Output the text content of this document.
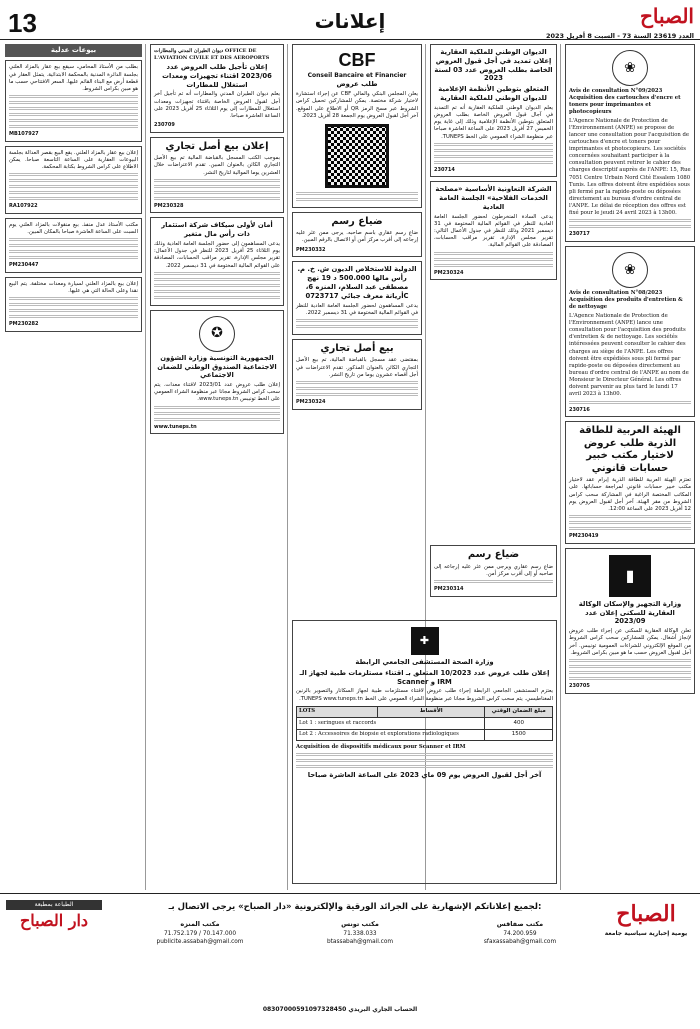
13	إعلانات	الصباح
العدد 23619 السنة 73 - السبت 8 أفريل 2023
❀
Avis de consultation N°09/2023 Acquisition des cartouches d'encre et toners pour imprimantes et photocopieurs
L'Agence Nationale de Protection de l'Environnement (ANPE) se propose de lancer une consultation pour l'acquisition de cartouches d'encre et toners pour imprimantes et photocopieurs. Les sociétés concernées souhaitant participer à la consultation peuvent retirer le cahier des charges descriptif auprès de l'ANPE: 15, Rue 7051 Centre Urbain Nord Cité Essalem 1080 Tunis. Les offres doivent être expédiées sous pli fermé par la rapide-poste ou déposées directement au bureau d'ordre central de l'ANPE. Le délai de réception des offres est fixé pour le jeudi 24 avril 2023 à 13h00.
230717
❀
Avis de consultation N°08/2023 Acquisition des produits d'entretien & de nettoyage
L'Agence Nationale de Protection de l'Environnement (ANPE) lance une consultation pour l'acquisition des produits d'entretien & de nettoyage. Les sociétés intéressées peuvent consulter le cahier des charges au siège de l'ANPE. Les offres doivent être expédiées sous pli fermé par rapide-poste ou déposées directement au bureau d'ordre central de l'ANPE au nom de Monsieur le Directeur Général. Les offres doivent parvenir au plus tard le lundi 17 avril 2023 à 13h00.
230716
الهيئة العربية للطاقة الذرية طلب عروض لاختيار مكتب خبير حسابات قانوني
تعتزم الهيئة العربية للطاقة الذرية إبرام عقد لاختيار مكتب خبير حسابات قانوني لمراجعة حساباتها. على المكاتب المختصة الراغبة في المشاركة سحب كراس الشروط من مقر الهيئة. آخر أجل لقبول العروض يوم 12 أفريل 2023 على الساعة 12:00.
PM230419
▮
وزارة التجهيز والإسكان الوكالة العقارية للسكنى إعلان عدد 2023/09
تعلن الوكالة العقارية للسكنى عن إجراء طلب عروض لإنجاز أشغال. يمكن للمشاركين سحب كراس الشروط من الموقع الإلكتروني للشراءات العمومية تونيبس. آخر أجل لقبول العروض حسب ما هو مبين بكراس الشروط.
230705
الديوان الوطني للملكية العقارية إعلان تمديد في أجل قبول العروض الخاصة بطلب العروض عدد 03 لسنة 2023
المتعلق بتوطين الأنظمة الإعلامية للديوان الوطني للملكية العقارية
يعلم الديوان الوطني للملكية العقارية أنه تم التمديد في آجال قبول العروض الخاصة بطلب العروض المتعلق بتوطين الأنظمة الإعلامية وذلك إلى غاية يوم الخميس 27 أفريل 2023 على الساعة العاشرة صباحا عبر منظومة الشراء العمومي على الخط TUNEPS.
230714
الشركة التعاونية الأساسية «مصلحة الخدمات الفلاحية» الجلسة العامة العادية
يدعى السادة المنخرطون لحضور الجلسة العامة العادية للنظر في القوائم المالية المختومة في 31 ديسمبر 2021 وذلك للنظر في جدول الأعمال التالي: تقرير مجلس الإدارة، تقرير مراقب الحسابات، المصادقة على القوائم المالية.
PM230324
ضياع رسم
ضاع رسم عقاري ويرجى ممن عثر عليه إرجاعه إلى صاحبه أو إلى أقرب مركز أمن.
PM230314
CBF
Conseil Bancaire et Financier
طلب عروض
يعلن المجلس البنكي والمالي CBF عن إجراء استشارة لاختيار شركة مختصة. يمكن للمشاركين تحميل كراس الشروط عبر مسح الرمز QR أو الاطلاع على الموقع. آخر أجل لقبول العروض يوم الجمعة 28 أفريل 2023.
ضياع رسم
ضاع رسم عقاري باسم صاحبه. يرجى ممن عثر عليه إرجاعه إلى أقرب مركز أمن أو الاتصال بالرقم المبين.
PM230332
الدولية للاستخلاص الديون ش. خ. م. رأس مالها 500.000 د 19 نهج مصطفى عبد السلام، المنزه 6، أريانة معرف جبائي 0723717C
يدعى المساهمون لحضور الجلسة العامة العادية للنظر في القوائم المالية المختومة في 31 ديسمبر 2022.
بيع أصل تجاري
بمقتضى عقد مسجل بالقباضة المالية، تم بيع الأصل التجاري الكائن بالعنوان المذكور. تقدم الاعتراضات في أجل أقصاه عشرون يوما من تاريخ النشر.
PM230324
ديوان الطيران المدني والمطارات OFFICE DE L'AVIATION CIVILE ET DES AEROPORTS
إعلان تأجيل طلب العروض عدد 2023/06 اقتناء تجهيزات ومعدات استغلال للمطارات
يعلم ديوان الطيران المدني والمطارات أنه تم تأجيل آخر أجل لقبول العروض الخاصة باقتناء تجهيزات ومعدات استغلال للمطارات إلى يوم الثلاثاء 25 أفريل 2023 على الساعة العاشرة صباحا.
230709
إعلان بيع أصل تجاري
بموجب الكتب المسجل بالقباضة المالية تم بيع الأصل التجاري الكائن بالعنوان المبين. تقدم الاعتراضات خلال العشرين يوما الموالية لتاريخ النشر.
PM230328
أمان لأولى سيكاف شركة استثمار ذات رأس مال متغير
يدعى المساهمون إلى حضور الجلسة العامة العادية وذلك يوم الثلاثاء 25 أفريل 2023 للنظر في جدول الأعمال: تقرير مجلس الإدارة، تقرير مراقب الحسابات، المصادقة على القوائم المالية المختومة في 31 ديسمبر 2022.
✪
الجمهورية التونسية وزارة الشؤون الاجتماعية الصندوق الوطني للضمان الاجتماعي
إعلان طلب عروض عدد 2023/01 لاقتناء معدات. يتم سحب كراس الشروط مجانا عبر منظومة الشراء العمومي على الخط تونيبس www.tuneps.tn.
www.tuneps.tn
بيوعات عدلية
بطلب من الأستاذ المحامي، سيقع بيع عقار بالمزاد العلني بجلسة الدائرة المدنية بالمحكمة الابتدائية. يتمثل العقار في قطعة أرض مع البناء القائم عليها. السعر الافتتاحي حسب ما هو مبين بكراس الشروط.
MB107927
إعلان بيع عقار بالمزاد العلني. يقع البيع بقصر العدالة بجلسة البيوعات العقارية على الساعة التاسعة صباحا. يمكن الاطلاع على كراس الشروط بكتابة المحكمة.
RA107922
مكتب الأستاذ عدل منفذ. بيع منقولات بالمزاد العلني يوم السبت على الساعة العاشرة صباحا بالمكان المبين.
PM230447
إعلان بيع بالمزاد العلني لسيارة ومعدات مختلفة. يتم البيع نقدا وعلى الحالة التي هي عليها.
PM230282
✚
وزارة الصحة المستشفى الجامعي الرابطة
إعلان طلب عروض عدد 10/2023 المتعلق بـ اقتناء مستلزمات طبية لجهاز الـ Scanner و IRM
يعتزم المستشفى الجامعي الرابطة إجراء طلب عروض لاقتناء مستلزمات طبية لجهاز السكانار والتصوير بالرنين المغناطيسي. يتم سحب كراس الشروط مجانا عبر منظومة الشراء العمومي على الخط TUNEPS www.tuneps.tn.
LOTS	الأقساط	مبلغ الضمان الوقتي
Lot 1 : seringues et raccords		400
Lot 2 : Accessoires de biopsie et explorations radiologiques		1500
Acquisition de dispositifs médicaux pour Scanner et IRM
آخر أجل لقبول العروض يوم 09 ماي 2023 على الساعة العاشرة صباحا
الصباح
يومية إخبارية سياسية جامعة
لجميع إعلاناتكم الإشهارية على الجرائد الورقية والإلكترونية «دار الصباح» يرجى الاتصال بـ:
مكتب المنزه
71.752.179 / 70.147.000
publicite.assabah@gmail.com
مكتب تونس
71.338.033
btassabah@gmail.com
مكتب صفاقس
74.200.959
sfaxassabah@gmail.com
الحساب الجاري البريدي 08307000591097328450
الطباعة بمطبعة
دار الصباح
